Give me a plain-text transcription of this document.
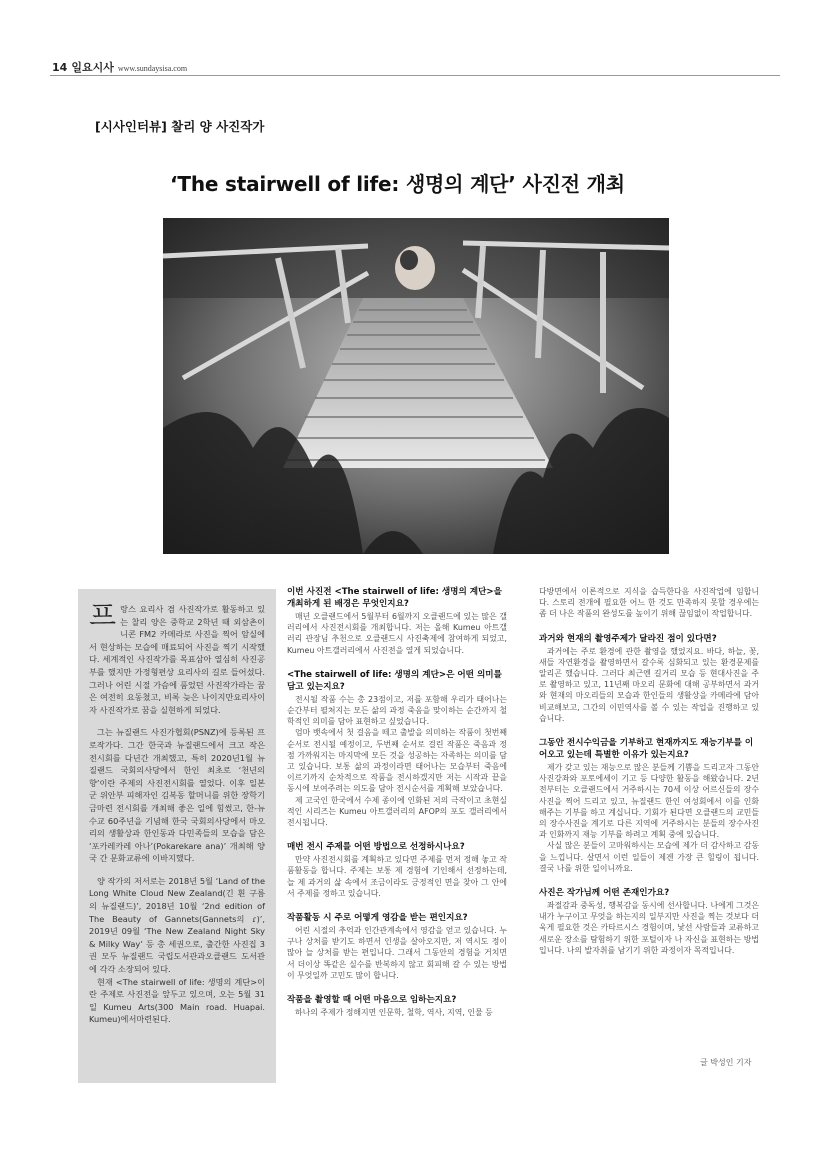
14 일요시사 www.sundaysisa.com
[시사인터뷰] 찰리 양 사진작가
‘The stairwell of life: 생명의 계단’ 사진전 개최

프랑스 요리사 겸 사진작가로 활동하고 있는 찰리 양은 중학교 2학년 때 외삼촌이 니콘 FM2 카메라로 사진을 찍어 암실에서 현상하는 모습에 매료되어 사진을 찍기 시작했다. 세계적인 사진작가를 목표삼아 열심히 사진공부를 했지만 가정형편상 요리사의 길로 들어섰다. 그러나 어린 시절 가슴에 품었던 사진작가라는 꿈은 여전히 요동쳤고, 비록 늦은 나이지만요리사이자 사진작가로 꿈을 실현하게 되었다.

그는 뉴질랜드 사진가협회(PSNZ)에 등록된 프로작가다. 그간 한국과 뉴질랜드에서 크고 작은 전시회를 다년간 개최했고, 특히 2020년1월 뉴질랜드 국회의사당에서 한인 최초로 ‘천년의 향’이란 주제의 사진전시회를 열었다. 이후 일본군 위안부 피해자인 김복동 할머니를 위한 장학기금마련 전시회를 개최해 좋은 일에 힘썼고, 한-뉴 수교 60주년을 기념해 한국 국회의사당에서 마오리의 생활상과 한인동과 다민족들의 모습을 담은 ‘포카레카레 아나’(Pokarekare ana)’ 개최해 양국 간 문화교류에 이바지했다.

양 작가의 저서로는 2018년 5월 ‘Land of the Long White Cloud New Zealand(긴 흰 구름의 뉴질랜드)’, 2018년 10월 ‘2nd edition of The Beauty of Gannets(Gannets의 ɾ)’, 2019년 09월 ‘The New Zealand Night Sky & Milky Way’ 등 총 세권으로, 출간한 사진집 3권 모두 뉴질랜드 국립도서관과오클랜드 도서관에 각각 소장되어 있다.

현재 <The stairwell of life: 생명의 계단>이란 주제로 사진전을 앞두고 있으며, 오는 5월 31일 Kumeu Arts(300 Main road. Huapai. Kumeu)에서마련된다.

이번 사진전 <The stairwell of life: 생명의 계단>을 개최하게 된 배경은 무엇인지요?

매년 오클랜드에서 5월부터 6월까지 오클랜드에 있는 많은 갤러리에서 사진전시회를 개최합니다. 저는 올해 Kumeu 아트갤러리 관장님 추천으로 오클랜드시 사진축제에 참여하게 되었고, Kumeu 아트갤러리에서 사진전을 열게 되었습니다.

<The stairwell of life: 생명의 계단>은 어떤 의미를 담고 있는지요?

전시될 작품 수는 총 23점이고, 저를 포함해 우리가 태어나는 순간부터 펼쳐지는 모든 삶의 과정 죽음을 맞이하는 순간까지 철학적인 의미를 담아 표현하고 싶었습니다.

엄마 뱃속에서 첫 걸음을 떼고 출발을 의미하는 작품이 첫번째 순서로 전시될 예정이고, 두번째 순서로 걸린 작품은 죽음과 정점 가까워지는 마지막에 모든 것을 성공하는 자족하는 의미를 담고 있습니다. 보통 삶의 과정이라면 태어나는 모습부터 죽음에 이르기까지 순차적으로 작품을 전시하겠지만 저는 시작과 끝을 동시에 보여주려는 의도를 담아 전시순서를 계획해 보았습니다.

제 고국인 한국에서 수제 종이에 인화된 저의 극작이고 초현실적인 시리즈는 Kumeu 아트갤러리의 AFOP의 포도 갤러리에서 전시됩니다.

매번 전시 주제를 어떤 방법으로 선정하시나요?

만약 사진전시회를 계획하고 있다면 주제를 먼저 정해 놓고 작품활동을 합니다. 주제는 보통 제 경험에 기인해서 선정하는데, 늘 제 과거의 삶 속에서 조금이라도 긍정적인 면을 찾아 그 안에서 주제를 정하고 있습니다.

작품활동 시 주로 어떻게 영감을 받는 편인지요?

어린 시절의 추억과 인간관계속에서 영감을 얻고 있습니다. 누구나 상처를 받기도 하면서 인생을 살아오지만, 저 역시도 정이 많아 늘 상처를 받는 편입니다. 그래서 그동안의 경험을 거치면서 더이상 똑같은 실수를 반복하지 않고 회피해 갈 수 있는 방법이 무엇일까 고민도 많이 합니다.

작품을 촬영할 때 어떤 마음으로 임하는지요?

하나의 주제가 정해지면 인문학, 철학, 역사, 지역, 인물 등

다방면에서 이론적으로 지식을 습득한다음 사진작업에 임합니다. 스토리 전개에 필요한 어느 한 것도 만족하지 못할 경우에는 좀 더 나은 작품의 완성도를 높이기 위해 끊임없이 작업합니다.

과거와 현재의 촬영주제가 달라진 점이 있다면?

과거에는 주로 환경에 관한 촬영을 했었지요. 바다, 하늘, 꽃, 새들 자연환경을 촬영하면서 갈수록 심화되고 있는 환경문제를 알리곤 했습니다. 그러다 최근엔 길거리 모습 등 현대사진을 주로 촬영하고 있고, 11년째 마오리 문화에 대해 공부하면서 과거와 현재의 마오리들의 모습과 한인들의 생활상을 카메라에 담아 비교해보고, 그간의 이민역사를 볼 수 있는 작업을 진행하고 있습니다.

그동안 전시수익금을 기부하고 현재까지도 재능기부를 이어오고 있는데 특별한 이유가 있는지요?

제가 갖고 있는 재능으로 많은 분들께 기쁨을 드리고자 그동안 사진강좌와 포토에세이 기고 등 다양한 활동을 해왔습니다. 2년 전부터는 오클랜드에서 거주하시는 70세 이상 어르신들의 장수 사진을 찍어 드리고 있고, 뉴질랜드 한인 여성회에서 이를 인화해주는 기부를 하고 계십니다. 기회가 된다면 오클랜드의 교민들의 장수사진을 계기로 다른 지역에 거주하시는 분들의 장수사진과 인화까지 재능 기부를 하려고 계획 중에 있습니다.

사실 많은 분들이 고마워하시는 모습에 제가 더 감사하고 감동을 느낍니다. 살면서 이런 일들이 제겐 가장 큰 힐링이 됩니다. 결국 나를 위한 일이니까요.

사진은 작가님께 어떤 존재인가요?

좌절감과 중독성, 행복감을 동시에 선사합니다. 나에게 그것은 내가 누구이고 무엇을 하는지의 일부지만 사진을 찍는 것보다 더욱게 필요한 것은 카타르시스 경험이며, 낯선 사람들과 교류하고 새로운 장소를 탐험하기 위한 포털이자 나 자신을 표현하는 방법입니다. 나의 발자취를 남기기 위한 과정이자 목적입니다.

글 박성인 기자
